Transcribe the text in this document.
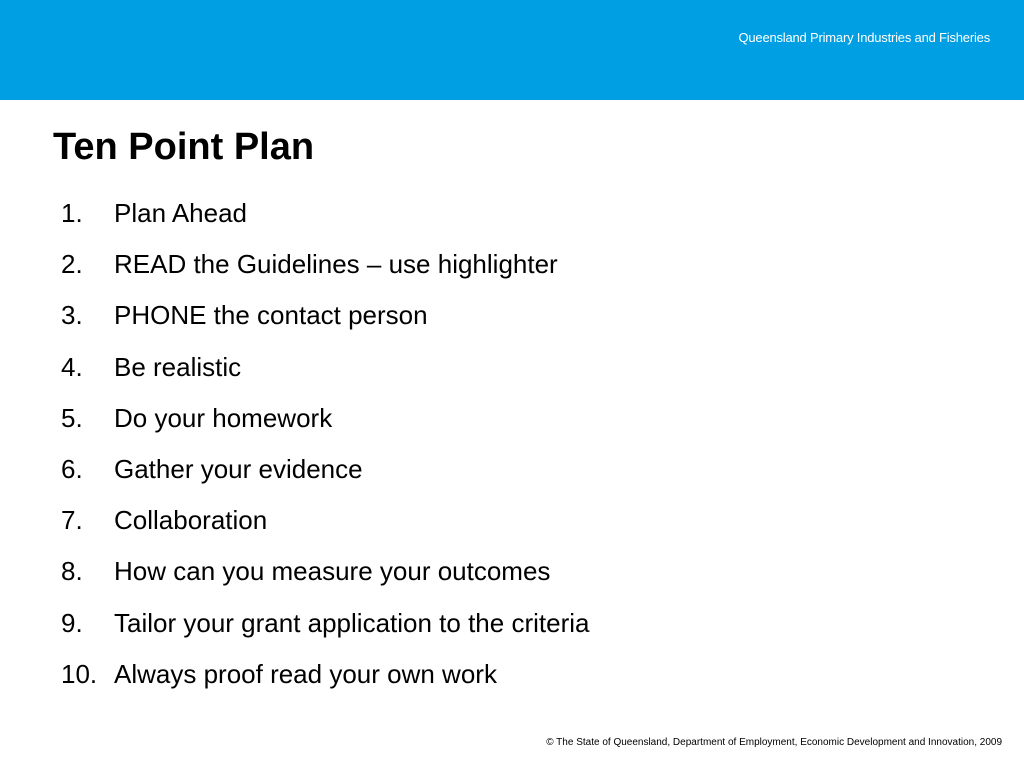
Queensland Primary Industries and Fisheries
Ten Point Plan
1. Plan Ahead
2. READ the Guidelines – use highlighter
3. PHONE the contact person
4. Be realistic
5. Do your homework
6. Gather your evidence
7. Collaboration
8. How can you measure your outcomes
9. Tailor your grant application to the criteria
10. Always proof read your own work
© The State of Queensland, Department of Employment, Economic Development and Innovation, 2009
